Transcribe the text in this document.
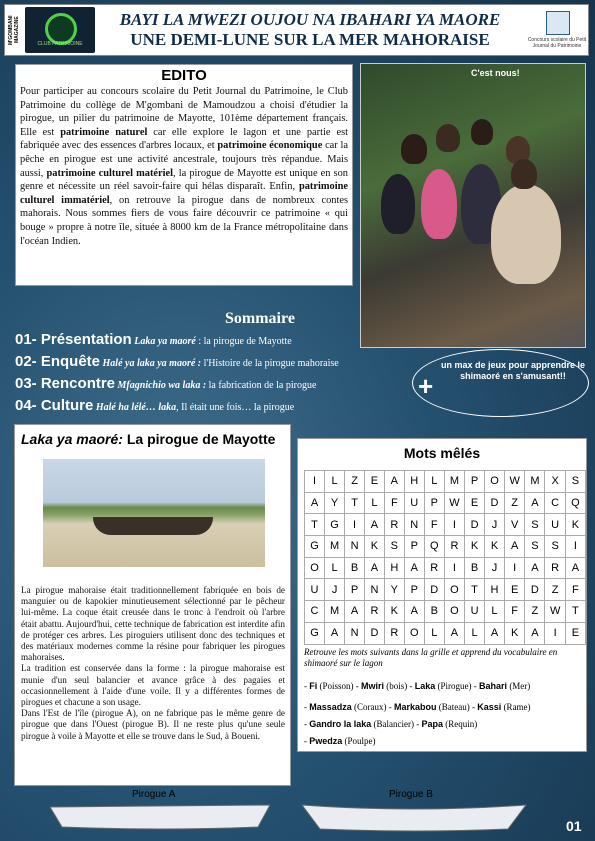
M'GOMBANI MAGAZINE
CLUB PATRIMOINE
BAYI LA MWEZI OUJOU NA IBAHARI YA MAORE
UNE DEMI-LUNE SUR LA MER MAHORAISE	Concours scolaire du Petit Journal du Patrimoine
EDITO
Pour participer au concours scolaire du Petit Journal du Patrimoine, le Club Patrimoine du collège de M'gombani de Mamoudzou a choisi d'étudier la pirogue, un pilier du patrimoine de Mayotte, 101ème département français. Elle est patrimoine naturel car elle explore le lagon et une partie est fabriquée avec des essences d'arbres locaux, et patrimoine économique car la pêche en pirogue est une activité ancestrale, toujours très répandue. Mais aussi, patrimoine culturel matériel, la pirogue de Mayotte est unique en son genre et nécessite un réel savoir-faire qui hélas disparaît. Enfin, patrimoine culturel immatériel, on retrouve la pirogue dans de nombreux contes mahorais. Nous sommes fiers de vous faire découvrir ce patrimoine « qui bouge » propre à notre île, située à 8000 km de la France métropolitaine dans l'océan Indien.
C'est nous!
Sommaire
01- Présentation Laka ya maoré : la pirogue de Mayotte
02- Enquête Halé ya laka ya maoré : l'Histoire de la pirogue mahoraise
03- Rencontre Mfagnichio wa laka : la fabrication de la pirogue
04- Culture Halé ha lélé… laka, Il était une fois… la pirogue
+
un max de jeux pour apprendre le shimaoré en s'amusant!!
Laka ya maoré: La pirogue de Mayotte
La pirogue mahoraise était traditionnellement fabriquée en bois de manguier ou de kapokier minutieusement sélectionné par le pêcheur lui-même. La coque était creusée dans le tronc à l'endroit où l'arbre était abattu. Aujourd'hui, cette technique de fabrication est interdite afin de protéger ces arbres. Les piroguiers utilisent donc des techniques et des matériaux modernes comme la résine pour fabriquer les pirogues mahoraises.
La tradition est conservée dans la forme : la pirogue mahoraise est munie d'un seul balancier et avance grâce à des pagaies et occasionnellement à l'aide d'une voile. Il y a différentes formes de pirogues et chacune a son usage.
Dans l'Est de l'île (pirogue A), on ne fabrique pas le même genre de pirogue que dans l'Ouest (pirogue B). Il ne reste plus qu'une seule pirogue à voile à Mayotte et elle se trouve dans le Sud, à Boueni.
Mots mêlés
I	L	Z	E	A	H	L	M	P	O	W	M	X	S
A	Y	T	L	F	U	P	W	E	D	Z	A	C	Q
T	G	I	A	R	N	F	I	D	J	V	S	U	K
G	M	N	K	S	P	Q	R	K	K	A	S	S	I
O	L	B	A	H	A	R	I	B	J	I	A	R	A
U	J	P	N	Y	P	D	O	T	H	E	D	Z	F
C	M	A	R	K	A	B	O	U	L	F	Z	W	T
G	A	N	D	R	O	L	A	L	A	K	A	I	E
Retrouve les mots suivants dans la grille et apprend du vocabulaire en shimaoré sur le lagon
- Fi (Poisson) - Mwiri (bois) - Laka (Pirogue) - Bahari (Mer)
- Massadza (Coraux) - Markabou (Bateau) - Kassi (Rame)
- Gandro la laka (Balancier) - Papa (Requin)
- Pwedza (Poulpe)
Pirogue A	Pirogue B
01
